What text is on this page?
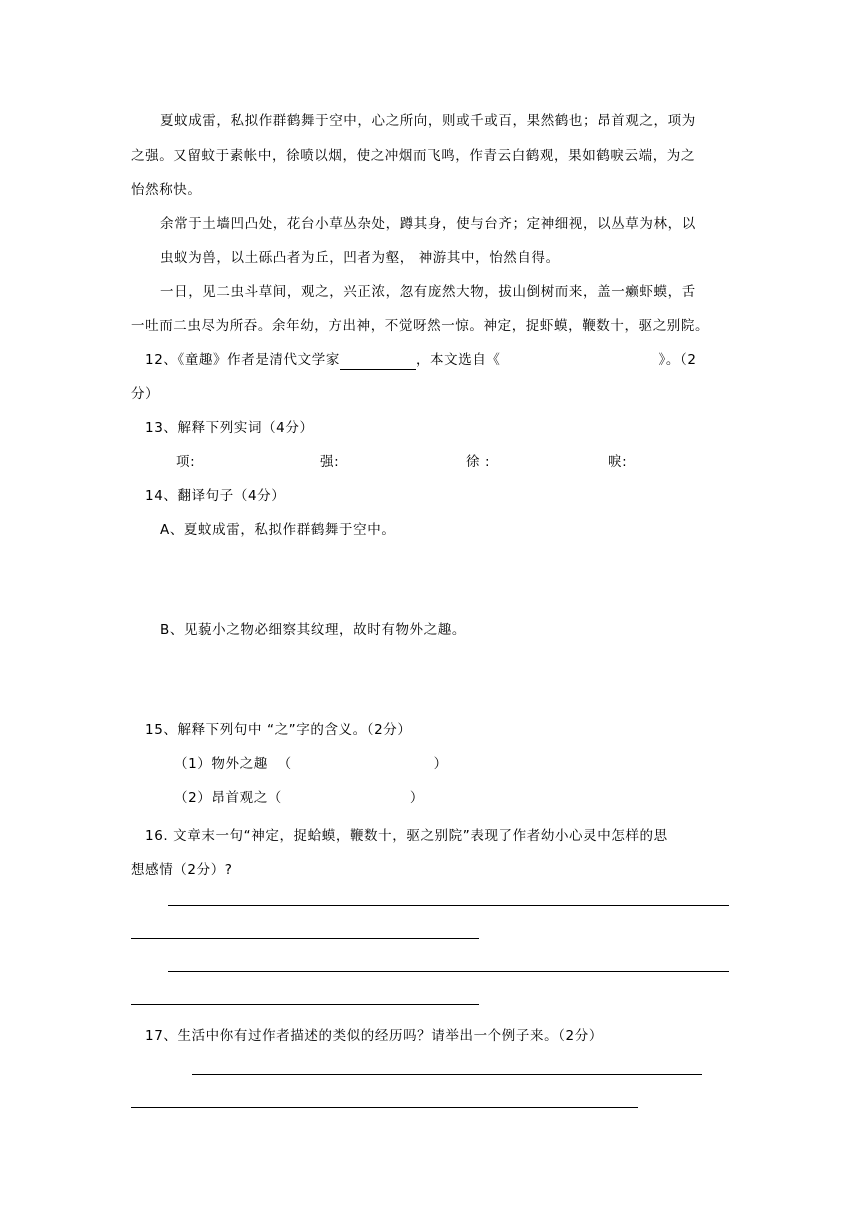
夏蚊成雷，私拟作群鹤舞于空中，心之所向，则或千或百，果然鹤也；昂首观之，项为
之强。又留蚊于素帐中，徐喷以烟，使之冲烟而飞鸣，作青云白鹤观，果如鹤唳云端，为之
怡然称快。
余常于土墙凹凸处，花台小草丛杂处，蹲其身，使与台齐；定神细视，以丛草为林，以
虫蚁为兽，以土砾凸者为丘，凹者为壑， 神游其中，怡然自得。
一日，见二虫斗草间，观之，兴正浓，忽有庞然大物，拔山倒树而来，盖一癞虾蟆，舌
一吐而二虫尽为所吞。余年幼，方出神，不觉呀然一惊。神定，捉虾蟆，鞭数十，驱之别院。
12、《童趣》作者是清代文学家	，本文选自《	》。（2
分）
13、解释下列实词（4分）
项:	强:	徐 :	唳:
14、翻译句子（4分）
A、夏蚊成雷，私拟作群鹤舞于空中。
B、见藐小之物必细察其纹理，故时有物外之趣。
15、解释下列句中 “之”字的含义。（2分）
（1）物外之趣  （	）
（2）昂首观之（	）
16. 文章末一句“神定，捉蛤蟆，鞭数十，驱之别院”表现了作者幼小心灵中怎样的思
想感情（2分）?
17、生活中你有过作者描述的类似的经历吗？请举出一个例子来。（2分）
